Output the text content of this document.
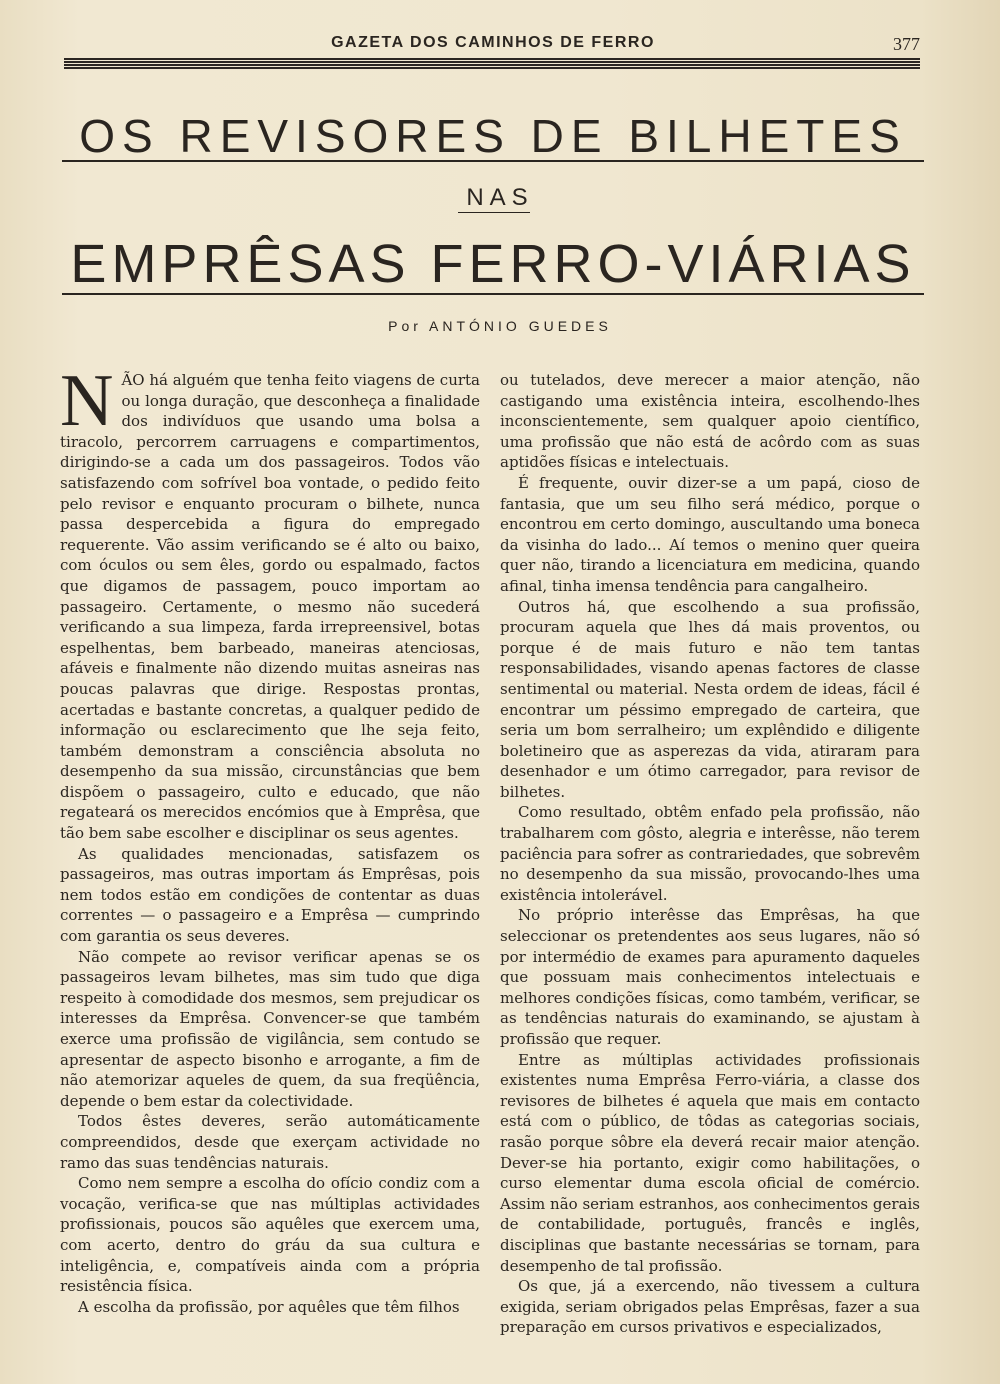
GAZETA DOS CAMINHOS DE FERRO	377
OS REVISORES DE BILHETES
NAS
EMPRÊSAS FERRO-VIÁRIAS
Por ANTÓNIO GUEDES

NÃO há alguém que tenha feito viagens de curta ou longa duração, que desconheça a finalidade dos indivíduos que usando uma bolsa a tiracolo, percorrem carruagens e compartimentos, dirigindo-se a cada um dos passageiros. Todos vão satisfazendo com sofrível boa vontade, o pedido feito pelo revisor e enquanto procuram o bilhete, nunca passa despercebida a figura do empregado requerente. Vão assim verificando se é alto ou baixo, com óculos ou sem êles, gordo ou espalmado, factos que digamos de passagem, pouco importam ao passageiro. Certamente, o mesmo não sucederá verificando a sua limpeza, farda irrepreensivel, botas espelhentas, bem barbeado, maneiras atenciosas, afáveis e finalmente não dizendo muitas asneiras nas poucas palavras que dirige. Respostas prontas, acertadas e bastante concretas, a qualquer pedido de informação ou esclarecimento que lhe seja feito, também demonstram a consciência absoluta no desempenho da sua missão, circunstâncias que bem dispõem o passageiro, culto e educado, que não regateará os merecidos encómios que à Emprêsa, que tão bem sabe escolher e disciplinar os seus agentes.

As qualidades mencionadas, satisfazem os passageiros, mas outras importam ás Emprêsas, pois nem todos estão em condições de contentar as duas correntes — o passageiro e a Emprêsa — cumprindo com garantia os seus deveres.

Não compete ao revisor verificar apenas se os passageiros levam bilhetes, mas sim tudo que diga respeito à comodidade dos mesmos, sem prejudicar os interesses da Emprêsa. Convencer-se que também exerce uma profissão de vigilância, sem contudo se apresentar de aspecto bisonho e arrogante, a fim de não atemorizar aqueles de quem, da sua freqüência, depende o bem estar da colectividade.

Todos êstes deveres, serão automáticamente compreendidos, desde que exerçam actividade no ramo das suas tendências naturais.

Como nem sempre a escolha do ofício condiz com a vocação, verifica-se que nas múltiplas actividades profissionais, poucos são aquêles que exercem uma, com acerto, dentro do gráu da sua cultura e inteligência, e, compatíveis ainda com a própria resistência física.

A escolha da profissão, por aquêles que têm filhos

ou tutelados, deve merecer a maior atenção, não castigando uma existência inteira, escolhendo-lhes inconscientemente, sem qualquer apoio científico, uma profissão que não está de acôrdo com as suas aptidões físicas e intelectuais.

É frequente, ouvir dizer-se a um papá, cioso de fantasia, que um seu filho será médico, porque o encontrou em certo domingo, auscultando uma boneca da visinha do lado... Aí temos o menino quer queira quer não, tirando a licenciatura em medicina, quando afinal, tinha imensa tendência para cangalheiro.

Outros há, que escolhendo a sua profissão, procuram aquela que lhes dá mais proventos, ou porque é de mais futuro e não tem tantas responsabilidades, visando apenas factores de classe sentimental ou material. Nesta ordem de ideas, fácil é encontrar um péssimo empregado de carteira, que seria um bom serralheiro; um explêndido e diligente boletineiro que as asperezas da vida, atiraram para desenhador e um ótimo carregador, para revisor de bilhetes.

Como resultado, obtêm enfado pela profissão, não trabalharem com gôsto, alegria e interêsse, não terem paciência para sofrer as contrariedades, que sobrevêm no desempenho da sua missão, provocando-lhes uma existência intolerável.

No próprio interêsse das Emprêsas, ha que seleccionar os pretendentes aos seus lugares, não só por intermédio de exames para apuramento daqueles que possuam mais conhecimentos intelectuais e melhores condições físicas, como também, verificar, se as tendências naturais do examinando, se ajustam à profissão que requer.

Entre as múltiplas actividades profissionais existentes numa Emprêsa Ferro-viária, a classe dos revisores de bilhetes é aquela que mais em contacto está com o público, de tôdas as categorias sociais, rasão porque sôbre ela deverá recair maior atenção. Dever-se hia portanto, exigir como habilitações, o curso elementar duma escola oficial de comércio. Assim não seriam estranhos, aos conhecimentos gerais de contabilidade, português, francês e inglês, disciplinas que bastante necessárias se tornam, para desempenho de tal profissão.

Os que, já a exercendo, não tivessem a cultura exigida, seriam obrigados pelas Emprêsas, fazer a sua preparação em cursos privativos e especializados,
